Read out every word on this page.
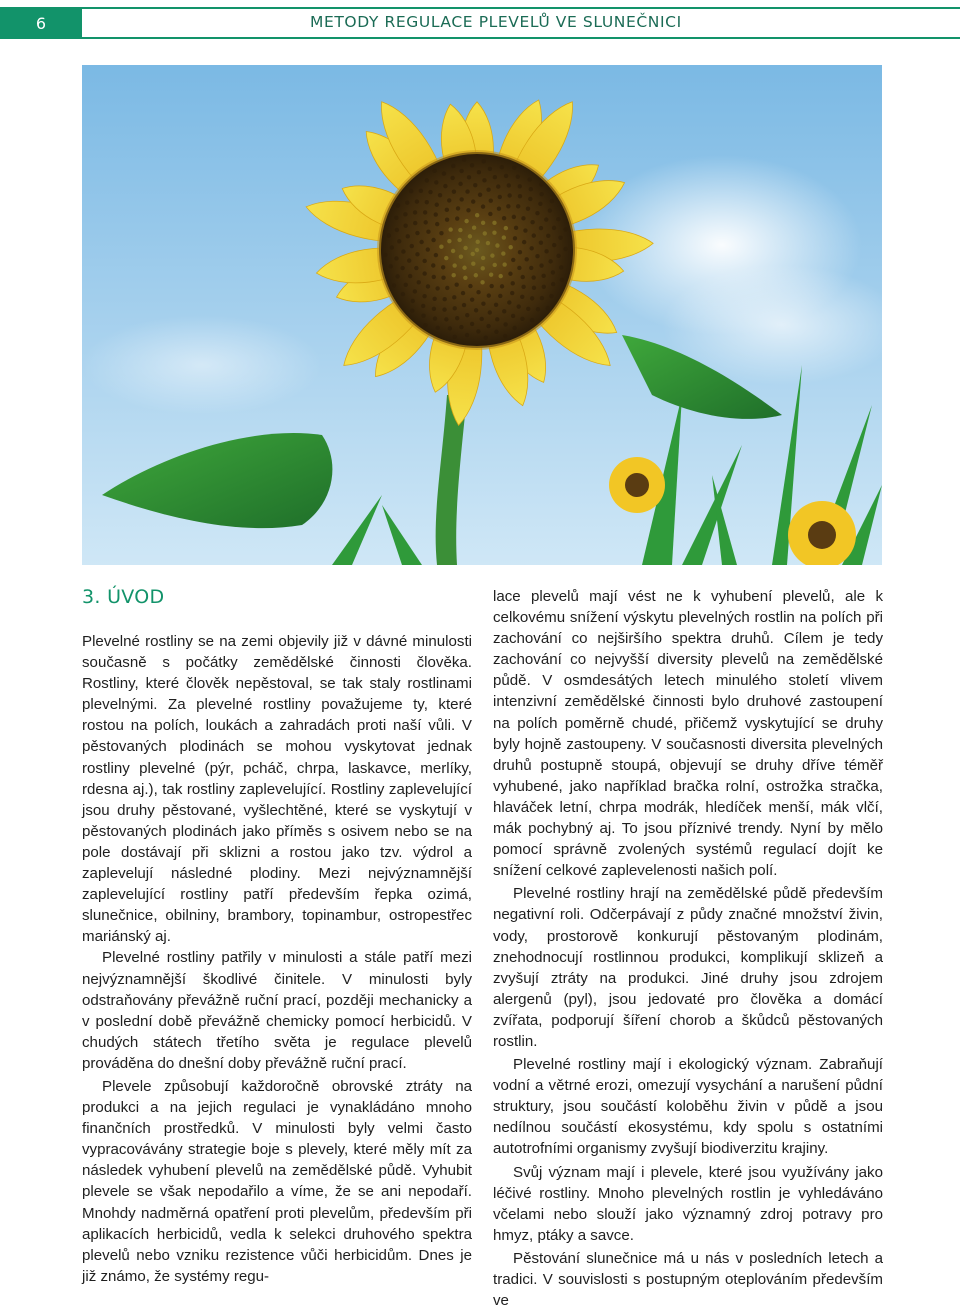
6	METODY REGULACE PLEVELŮ VE SLUNEČNICI
3. ÚVOD

Plevelné rostliny se na zemi objevily již v dávné minulosti současně s počátky zemědělské činnosti člověka. Rostliny, které člověk nepěstoval, se tak staly rostlinami plevelnými. Za plevelné rostliny považujeme ty, které rostou na polích, loukách a zahradách proti naší vůli. V pěstovaných plodinách se mohou vyskytovat jednak rostliny plevelné (pýr, pcháč, chrpa, laskavce, merlíky, rdesna aj.), tak rostliny zaplevelující. Rostliny zaplevelující jsou druhy pěstované, vyšlechtěné, které se vyskytují v pěstovaných plodinách jako příměs s osivem nebo se na pole dostávají při sklizni a rostou jako tzv. výdrol a zaplevelují následné plodiny. Mezi nejvýznamnější zaplevelující rostliny patří především řepka ozimá, slunečnice, obilniny, brambory, topinambur, ostropestřec mariánský aj.

Plevelné rostliny patřily v minulosti a stále patří mezi nejvýznamnější škodlivé činitele. V minulosti byly odstraňovány převážně ruční prací, později mechanicky a v poslední době převážně chemicky pomocí herbicidů. V chudých státech třetího světa je regulace plevelů prováděna do dnešní doby převážně ruční prací.

Plevele způsobují každoročně obrovské ztráty na produkci a na jejich regulaci je vynakládáno mnoho finančních prostředků. V minulosti byly velmi často vypracovávány strategie boje s plevely, které měly mít za následek vyhubení plevelů na zemědělské půdě. Vyhubit plevele se však nepodařilo a víme, že se ani nepodaří. Mnohdy nadměrná opatření proti plevelům, především při aplikacích herbicidů, vedla k selekci druhového spektra plevelů nebo vzniku rezistence vůči herbicidům. Dnes je již známo, že systémy regu-

lace plevelů mají vést ne k vyhubení plevelů, ale k celkovému snížení výskytu plevelných rostlin na polích při zachování co nejširšího spektra druhů. Cílem je tedy zachování co nejvyšší diversity plevelů na zemědělské půdě. V osmdesátých letech minulého století vlivem intenzivní zemědělské činnosti bylo druhové zastoupení na polích poměrně chudé, přičemž vyskytující se druhy byly hojně zastoupeny. V současnosti diversita plevelných druhů postupně stoupá, objevují se druhy dříve téměř vyhubené, jako například bračka rolní, ostrožka stračka, hlaváček letní, chrpa modrák, hledíček menší, mák vlčí, mák pochybný aj. To jsou příznivé trendy. Nyní by mělo pomocí správně zvolených systémů regulací dojít ke snížení celkové zaplevelenosti našich polí.

Plevelné rostliny hrají na zemědělské půdě především negativní roli. Odčerpávají z půdy značné množství živin, vody, prostorově konkurují pěstovaným plodinám, znehodnocují rostlinnou produkci, komplikují sklizeň a zvyšují ztráty na produkci. Jiné druhy jsou zdrojem alergenů (pyl), jsou jedovaté pro člověka a domácí zvířata, podporují šíření chorob a škůdců pěstovaných rostlin.

Plevelné rostliny mají i ekologický význam. Zabraňují vodní a větrné erozi, omezují vysychání a narušení půdní struktury, jsou součástí koloběhu živin v půdě a jsou nedílnou součástí ekosystému, kdy spolu s ostatními autotrofními organismy zvyšují biodiverzitu krajiny.

Svůj význam mají i plevele, které jsou využívány jako léčivé rostliny. Mnoho plevelných rostlin je vyhledáváno včelami nebo slouží jako významný zdroj potravy pro hmyz, ptáky a savce.

Pěstování slunečnice má u nás v posledních letech a tradici. V souvislosti s postupným oteplováním především ve
